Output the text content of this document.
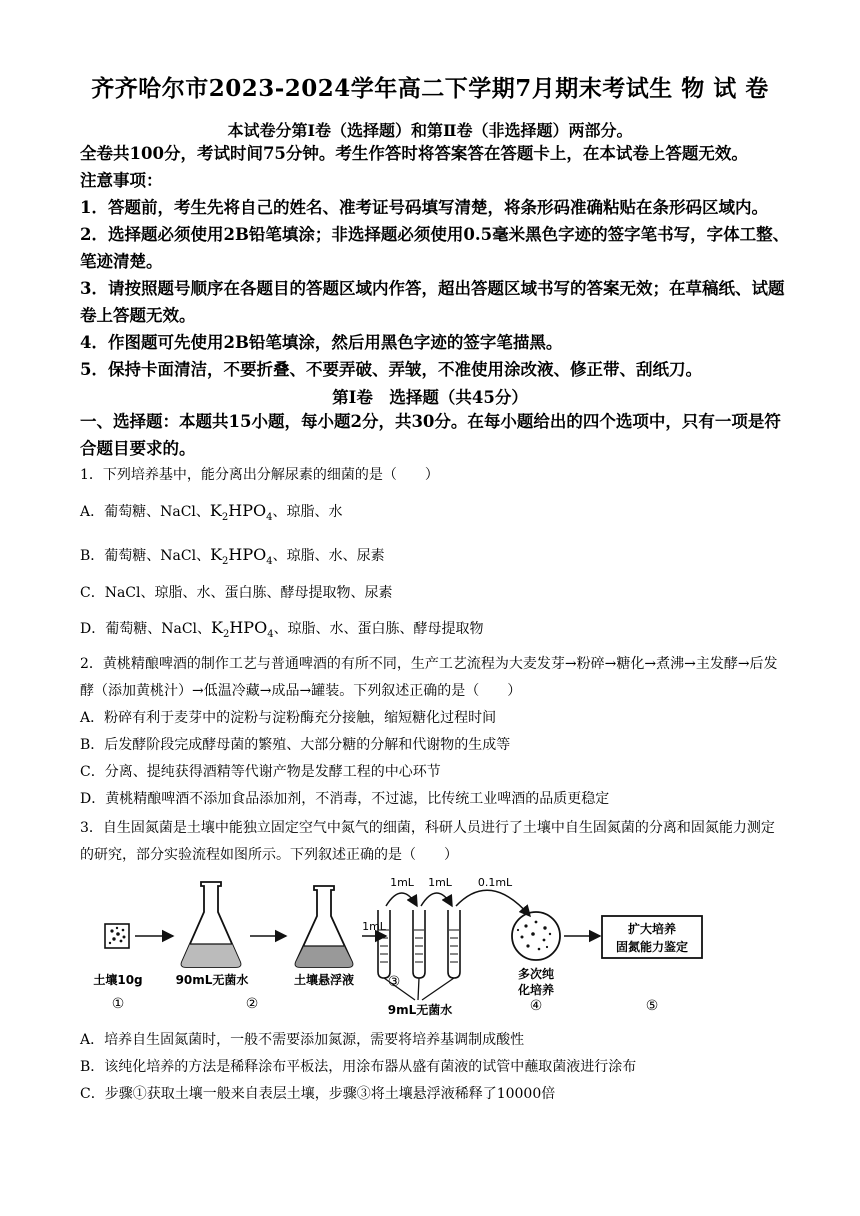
齐齐哈尔市2023-2024学年高二下学期7月期末考试生 物 试 卷
本试卷分第Ⅰ卷（选择题）和第Ⅱ卷（非选择题）两部分。
全卷共100分，考试时间75分钟。考生作答时将答案答在答题卡上，在本试卷上答题无效。
注意事项：
1．答题前，考生先将自己的姓名、准考证号码填写清楚，将条形码准确粘贴在条形码区域内。
2．选择题必须使用2B铅笔填涂；非选择题必须使用0.5毫米黑色字迹的签字笔书写，字体工整、笔迹清楚。
3．请按照题号顺序在各题目的答题区域内作答，超出答题区域书写的答案无效；在草稿纸、试题卷上答题无效。
4．作图题可先使用2B铅笔填涂，然后用黑色字迹的签字笔描黑。
5．保持卡面清洁，不要折叠、不要弄破、弄皱，不准使用涂改液、修正带、刮纸刀。
第Ⅰ卷　选择题（共45分）
一、选择题：本题共15小题，每小题2分，共30分。在每小题给出的四个选项中，只有一项是符合题目要求的。
1．下列培养基中，能分离出分解尿素的细菌的是（　　）
A．葡萄糖、NaCl、$K_2HPO_4$、琼脂、水
B．葡萄糖、NaCl、$K_2HPO_4$、琼脂、水、尿素
C．NaCl、琼脂、水、蛋白胨、酵母提取物、尿素
D．葡萄糖、NaCl、$K_2HPO_4$、琼脂、水、蛋白胨、酵母提取物
2．黄桃精酿啤酒的制作工艺与普通啤酒的有所不同，生产工艺流程为大麦发芽→粉碎→糖化→煮沸→主发酵→后发酵（添加黄桃汁）→低温冷藏→成品→罐装。下列叙述正确的是（　　）
A．粉碎有利于麦芽中的淀粉与淀粉酶充分接触，缩短糖化过程时间
B．后发酵阶段完成酵母菌的繁殖、大部分糖的分解和代谢物的生成等
C．分离、提纯获得酒精等代谢产物是发酵工程的中心环节
D．黄桃精酿啤酒不添加食品添加剂，不消毒，不过滤，比传统工业啤酒的品质更稳定
3．自生固氮菌是土壤中能独立固定空气中氮气的细菌，科研人员进行了土壤中自生固氮菌的分离和固氮能力测定的研究，部分实验流程如图所示。下列叙述正确的是（　　）
1mL
1mL 1mL 0.1mL
扩大培养
固氮能力鉴定
土壤10g	90mL无菌水	土壤悬浮液
9mL无菌水
多次纯
化培养
①	②
③
④	⑤
A．培养自生固氮菌时，一般不需要添加氮源，需要将培养基调制成酸性
B．该纯化培养的方法是稀释涂布平板法，用涂布器从盛有菌液的试管中蘸取菌液进行涂布
C．步骤①获取土壤一般来自表层土壤，步骤③将土壤悬浮液稀释了10000倍
